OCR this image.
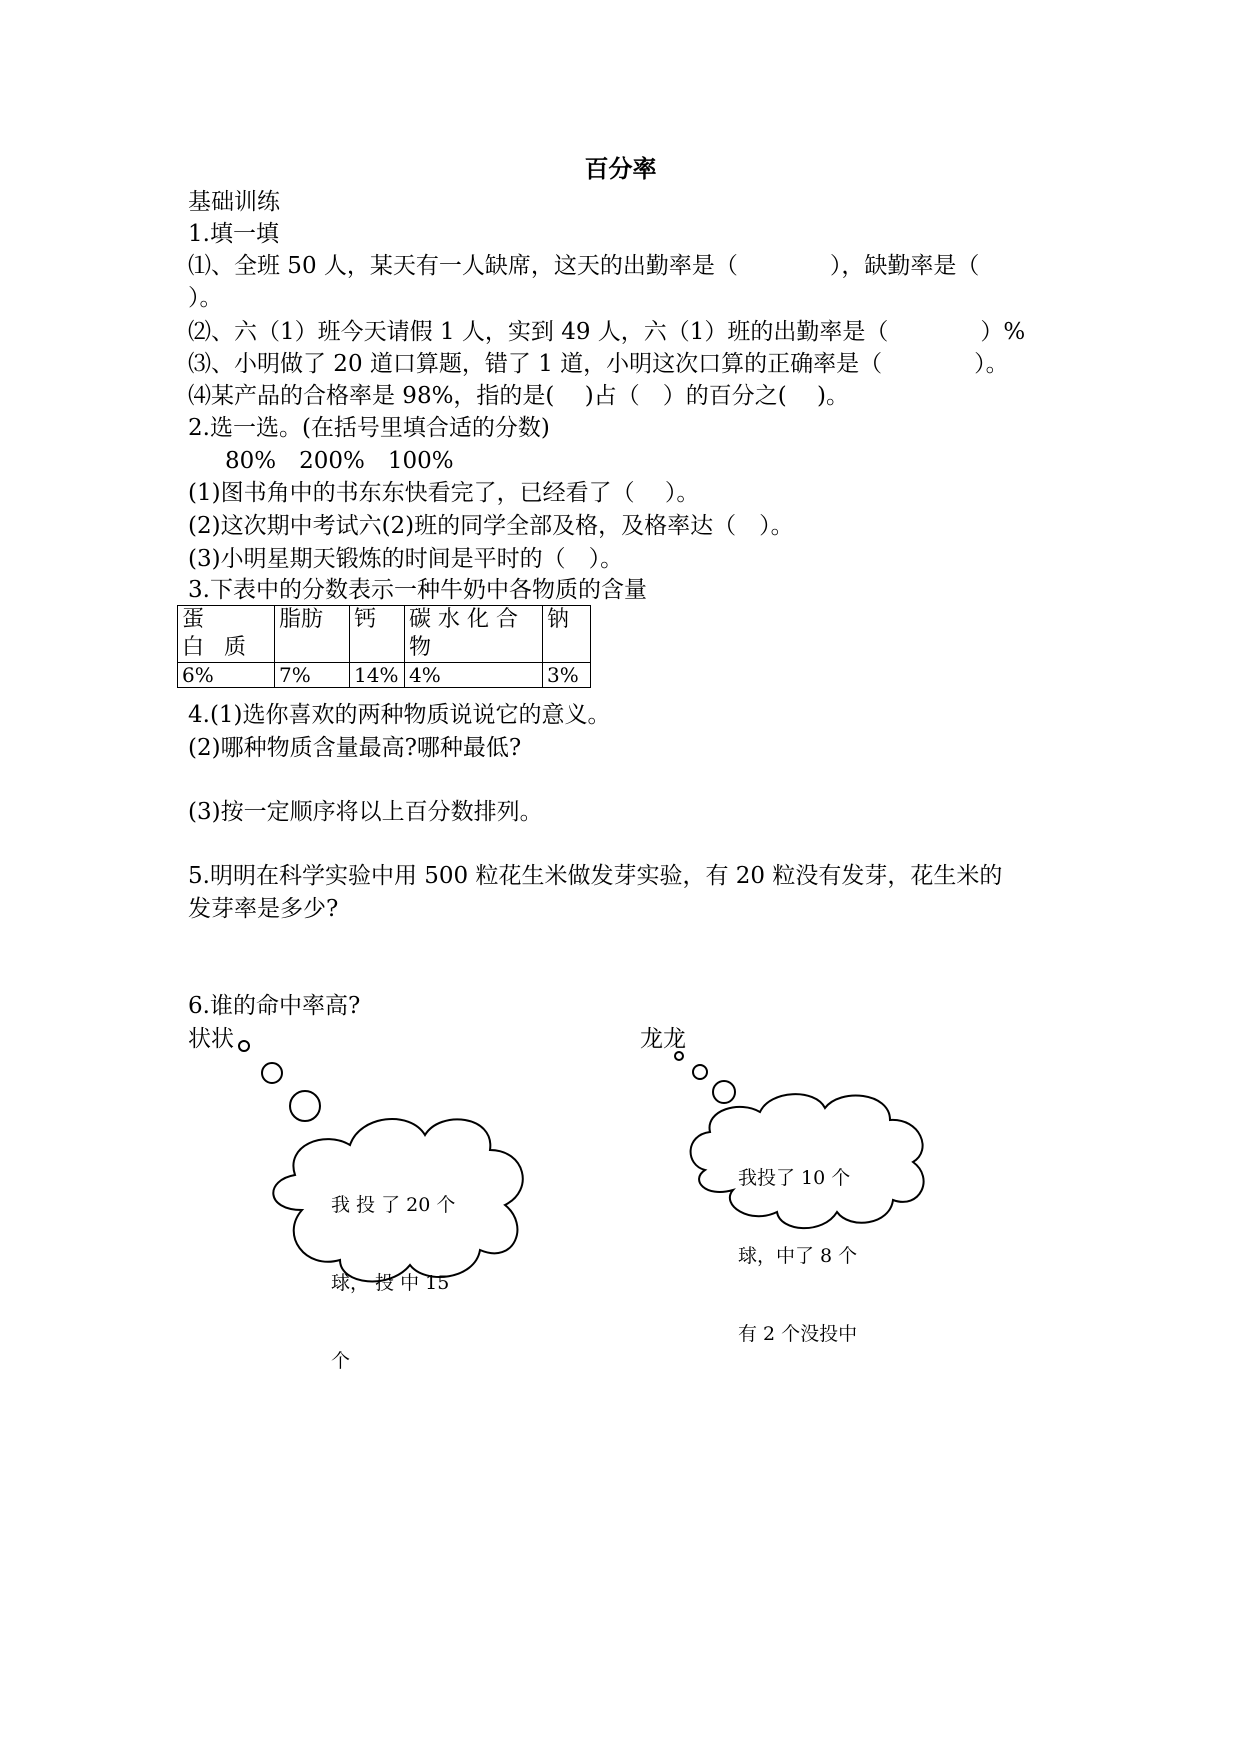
百分率
基础训练
1.填一填
⑴、全班 50 人，某天有一人缺席，这天的出勤率是（　　　　），缺勤率是（
）。
⑵、六（1）班今天请假 1 人，实到 49 人，六（1）班的出勤率是（　　　　）%
⑶、小明做了 20 道口算题，错了 1 道，小明这次口算的正确率是（　　　　）。
⑷某产品的合格率是 98%，指的是(　 )占（　）的百分之(　 )。
2.选一选。(在括号里填合适的分数)
80%　200%　100%
(1)图书角中的书东东快看完了，已经看了（　 ）。
(2)这次期中考试六(2)班的同学全部及格，及格率达（　）。
(3)小明星期天锻炼的时间是平时的（　）。
3.下表中的分数表示一种牛奶中各物质的含量
蛋　白质	脂肪	钙	碳 水 化 合物	钠
6%	7%	14%	4%	3%
4.(1)选你喜欢的两种物质说说它的意义。
(2)哪种物质含量最高?哪种最低?
(3)按一定顺序将以上百分数排列。
5.明明在科学实验中用 500 粒花生米做发芽实验，有 20 粒没有发芽，花生米的
发芽率是多少?
6.谁的命中率高?
状状	龙龙

我 投 了 20 个

球， 投 中 15

个

我投了 10 个

球，中了 8 个

有 2 个没投中
